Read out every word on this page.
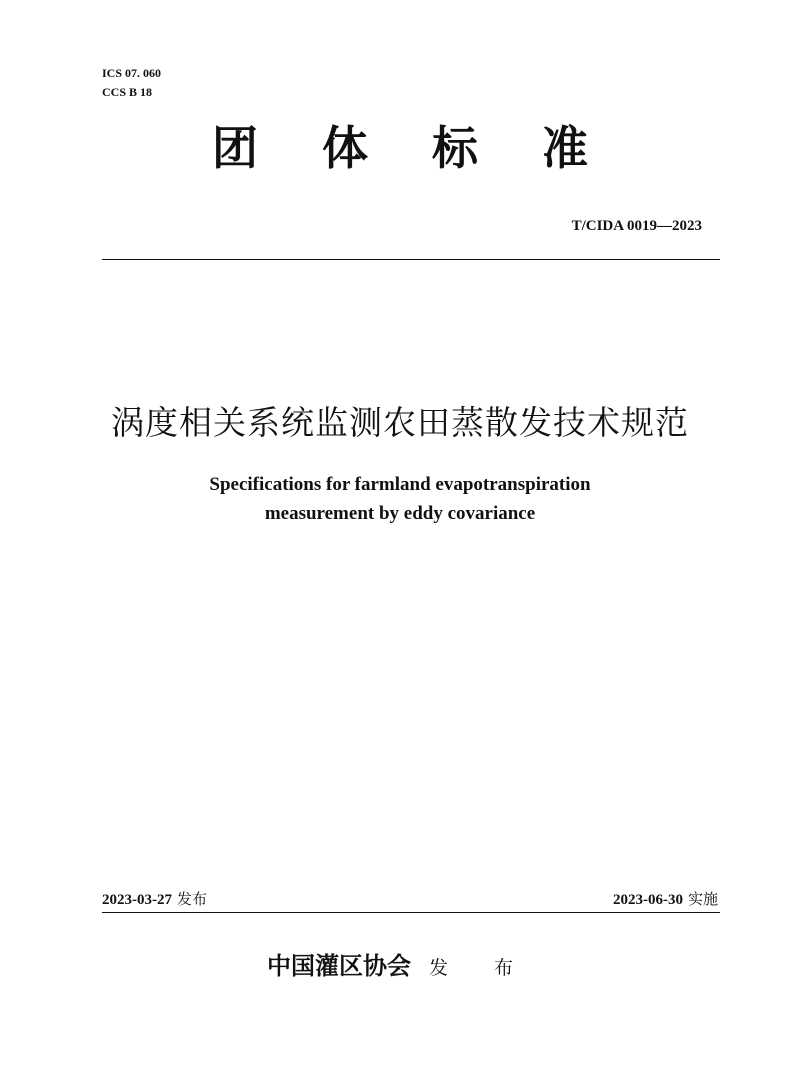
ICS 07. 060
CCS B 18
团 体 标 准
T/CIDA 0019—2023
涡度相关系统监测农田蒸散发技术规范
Specifications for farmland evapotranspiration
measurement by eddy covariance
2023-03-27 发布	2023-06-30 实施
中国灌区协会 发 布
